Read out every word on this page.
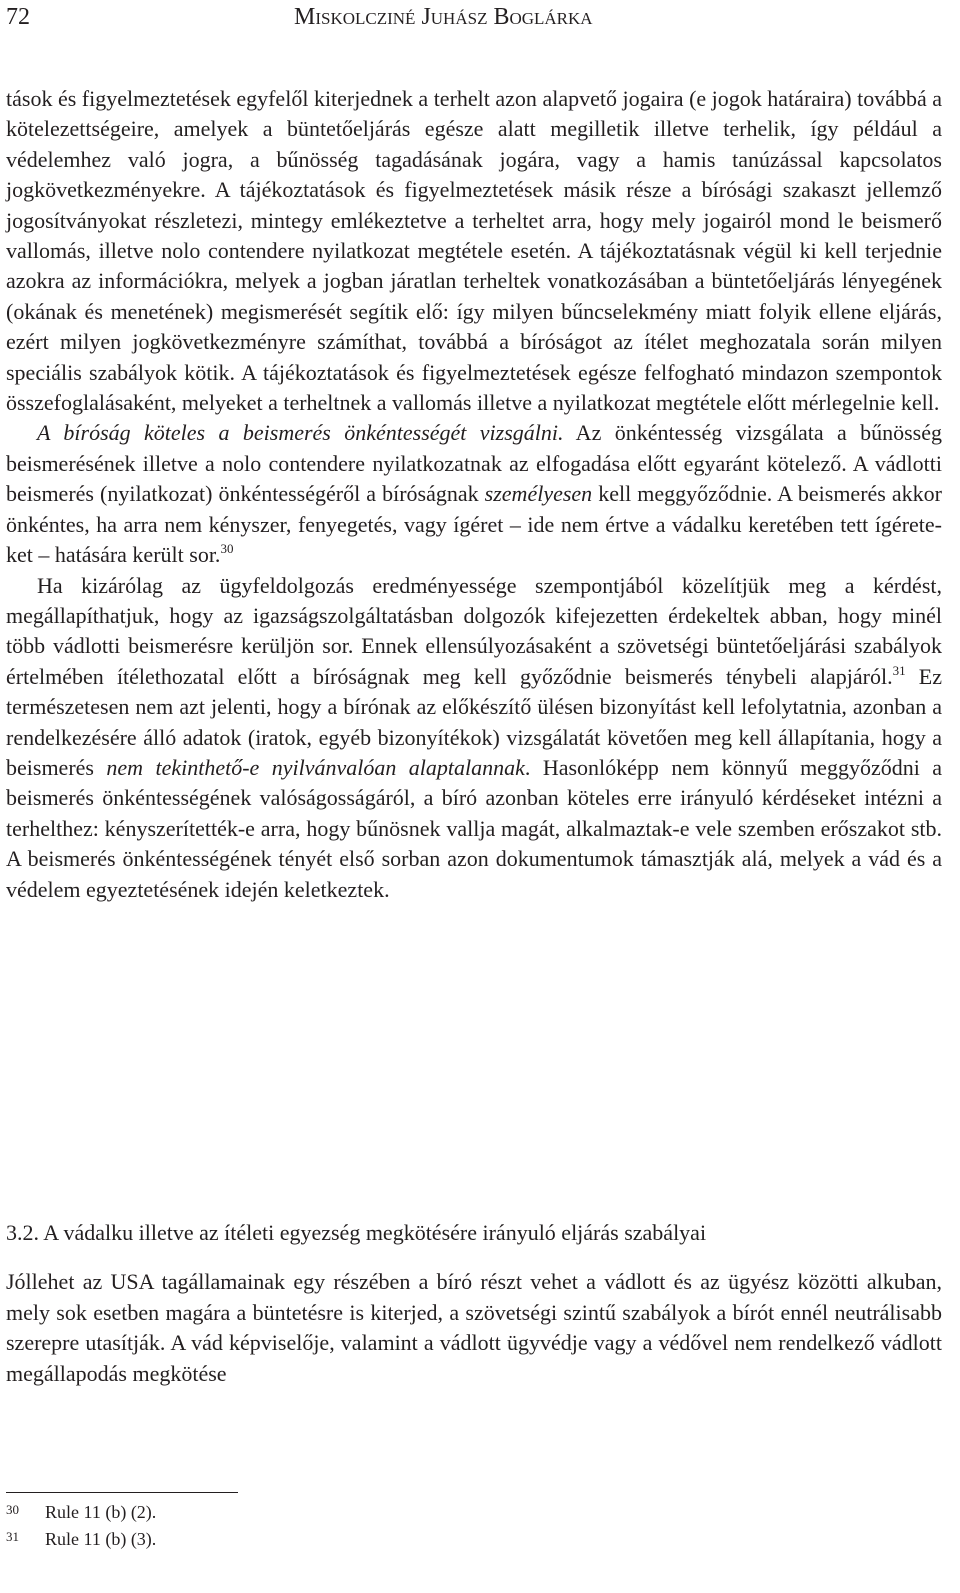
72	Miskolcziné Juhász Boglárka

tások és figyelmeztetések egyfelől kiterjednek a terhelt azon alapvető jogaira (e jogok határaira) továbbá a kötelezettségeire, amelyek a büntetőeljárás egésze alatt megilletik illetve terhelik, így például a védelemhez való jogra, a bűnösség tagadásának jogára, vagy a hamis tanúzással kapcsolatos jogkövetkezményekre. A tájékoztatások és figyelmeztetések másik része a bírósági szakaszt jellemző jogosítványokat részletezi, mintegy emlékeztetve a terheltet arra, hogy mely jogairól mond le beismerő vallomás, illetve nolo contendere nyilatkozat megtétele esetén. A tájékoztatásnak végül ki kell terjednie azokra az információkra, melyek a jogban járatlan terheltek vonatkozásában a büntetőeljárás lényegének (okának és menetének) megismerését segítik elő: így milyen bűncselekmény miatt folyik ellene eljárás, ezért milyen jogkövetkezményre számíthat, továbbá a bíróságot az ítélet meghozatala során milyen speciális szabályok kötik. A tájékoztatások és figyelmeztetések egésze felfogható mindazon szempontok összefoglalásaként, melyeket a terheltnek a vallomás illetve a nyilatkozat megtétele előtt mérlegelnie kell.

A bíróság köteles a beismerés önkéntességét vizsgálni. Az önkéntesség vizsgálata a bűnösség beismerésének illetve a nolo contendere nyilatkozatnak az elfogadása előtt egyaránt kötelező. A vádlotti beismerés (nyilatkozat) önkéntességéről a bíróságnak személyesen kell meggyőződnie. A beismerés akkor önkéntes, ha arra nem kényszer, fenyegetés, vagy ígéret – ide nem értve a vádalku keretében tett ígéreteket – hatására került sor.$^{30}$

Ha kizárólag az ügyfeldolgozás eredményessége szempontjából közelítjük meg a kérdést, megállapíthatjuk, hogy az igazságszolgáltatásban dolgozók kifejezetten érdekeltek abban, hogy minél több vádlotti beismerésre kerüljön sor. Ennek ellensúlyozásaként a szövetségi büntetőeljárási szabályok értelmében ítélethozatal előtt a bíróságnak meg kell győződnie beismerés ténybeli alapjáról.$^{31}$ Ez természetesen nem azt jelenti, hogy a bírónak az előkészítő ülésen bizonyítást kell lefolytatnia, azonban a rendelkezésére álló adatok (iratok, egyéb bizonyítékok) vizsgálatát követően meg kell állapítania, hogy a beismerés nem tekinthető-e nyilvánvalóan alaptalannak. Hasonlóképp nem könnyű meggyőződni a beismerés önkéntességének valóságosságáról, a bíró azonban köteles erre irányuló kérdéseket intézni a terhelthez: kényszerítették-e arra, hogy bűnösnek vallja magát, alkalmaztak-e vele szemben erőszakot stb. A beismerés önkéntességének tényét első sorban azon dokumentumok támasztják alá, melyek a vád és a védelem egyeztetésének idején keletkeztek.

3.2. A vádalku illetve az ítéleti egyezség megkötésére irányuló eljárás szabályai

Jóllehet az USA tagállamainak egy részében a bíró részt vehet a vádlott és az ügyész közötti alkuban, mely sok esetben magára a büntetésre is kiterjed, a szövetségi szintű szabályok a bírót ennél neutrálisabb szerepre utasítják. A vád képviselője, valamint a vádlott ügyvédje vagy a védővel nem rendelkező vádlott megállapodás megkötése

30 Rule 11 (b) (2).
31 Rule 11 (b) (3).
